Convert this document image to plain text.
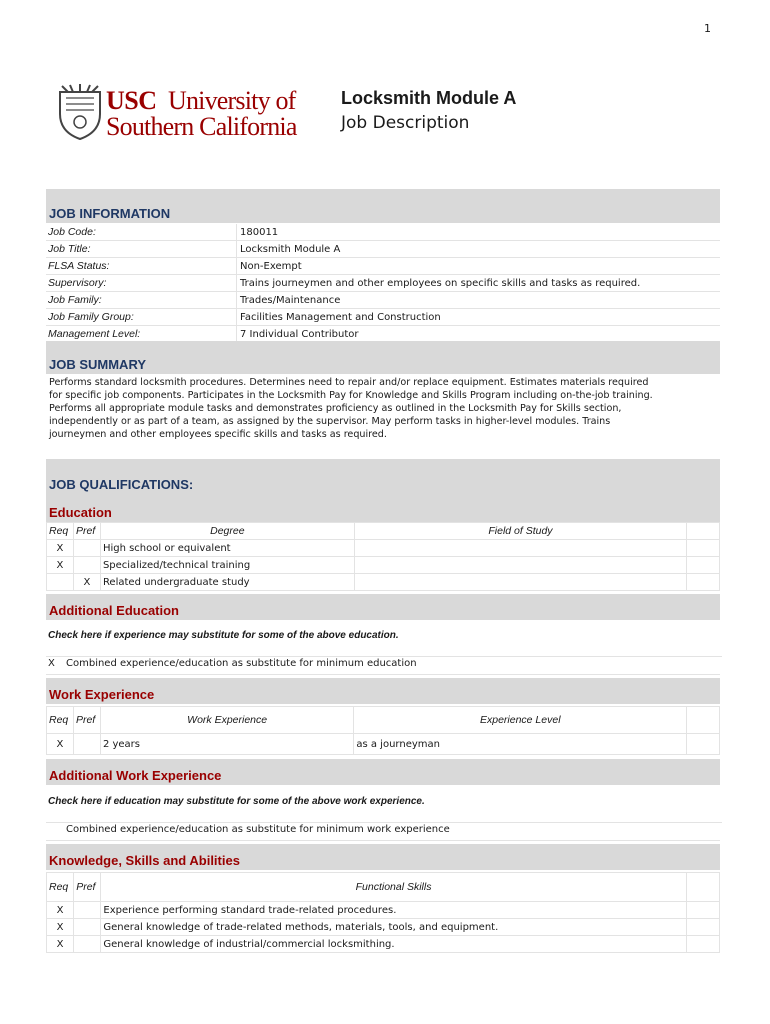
1
USC University of
Southern California
Locksmith Module A
Job Description
JOB INFORMATION
Job Code:	180011
Job Title:	Locksmith Module A
FLSA Status:	Non-Exempt
Supervisory:	Trains journeymen and other employees on specific skills and tasks as required.
Job Family:	Trades/Maintenance
Job Family Group:	Facilities Management and Construction
Management Level:	7 Individual Contributor
JOB SUMMARY
Performs standard locksmith procedures. Determines need to repair and/or replace equipment. Estimates materials required
for specific job components. Participates in the Locksmith Pay for Knowledge and Skills Program including on-the-job training.
Performs all appropriate module tasks and demonstrates proficiency as outlined in the Locksmith Pay for Skills section,
independently or as part of a team, as assigned by the supervisor. May perform tasks in higher-level modules. Trains
journeymen and other employees specific skills and tasks as required.
JOB QUALIFICATIONS:
Education
Req	Pref	Degree	Field of Study	
X		High school or equivalent		
X		Specialized/technical training		
	X	Related undergraduate study		
Additional Education
Check here if experience may substitute for some of the above education.
X Combined experience/education as substitute for minimum education
Work Experience
Req	Pref	Work Experience	Experience Level	
X		2 years	as a journeyman	
Additional Work Experience
Check here if education may substitute for some of the above work experience.
Combined experience/education as substitute for minimum work experience
Knowledge, Skills and Abilities
Req	Pref	Functional Skills	
X		Experience performing standard trade-related procedures.	
X		General knowledge of trade-related methods, materials, tools, and equipment.	
X		General knowledge of industrial/commercial locksmithing.	
